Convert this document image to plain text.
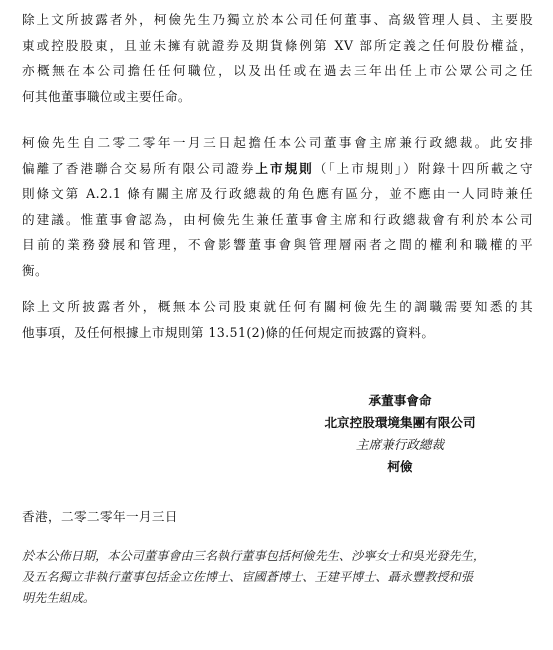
除上文所披露者外，柯儉先生乃獨立於本公司任何董事、高級管理人員、主要股
東或控股股東，且並未擁有就證券及期貨條例第 XV 部所定義之任何股份權益，
亦概無在本公司擔任任何職位，以及出任或在過去三年出任上市公眾公司之任
何其他董事職位或主要任命。
柯儉先生自二零二零年一月三日起擔任本公司董事會主席兼行政總裁。此安排
偏離了香港聯合交易所有限公司證券上市規則（「上市規則」）附錄十四所載之守
則條文第 A.2.1 條有關主席及行政總裁的角色應有區分，並不應由一人同時兼任
的建議。惟董事會認為，由柯儉先生兼任董事會主席和行政總裁會有利於本公司
目前的業務發展和管理，不會影響董事會與管理層兩者之間的權利和職權的平
衡。
除上文所披露者外，概無本公司股東就任何有關柯儉先生的調職需要知悉的其
他事項，及任何根據上市規則第 13.51(2)條的任何規定而披露的資料。
承董事會命
北京控股環境集團有限公司
主席兼行政總裁
柯儉
香港，二零二零年一月三日
於本公佈日期，本公司董事會由三名執行董事包括柯儉先生、沙寧女士和吳光發先生，
及五名獨立非執行董事包括金立佐博士、宦國蒼博士、王建平博士、聶永豐教授和張
明先生組成。
